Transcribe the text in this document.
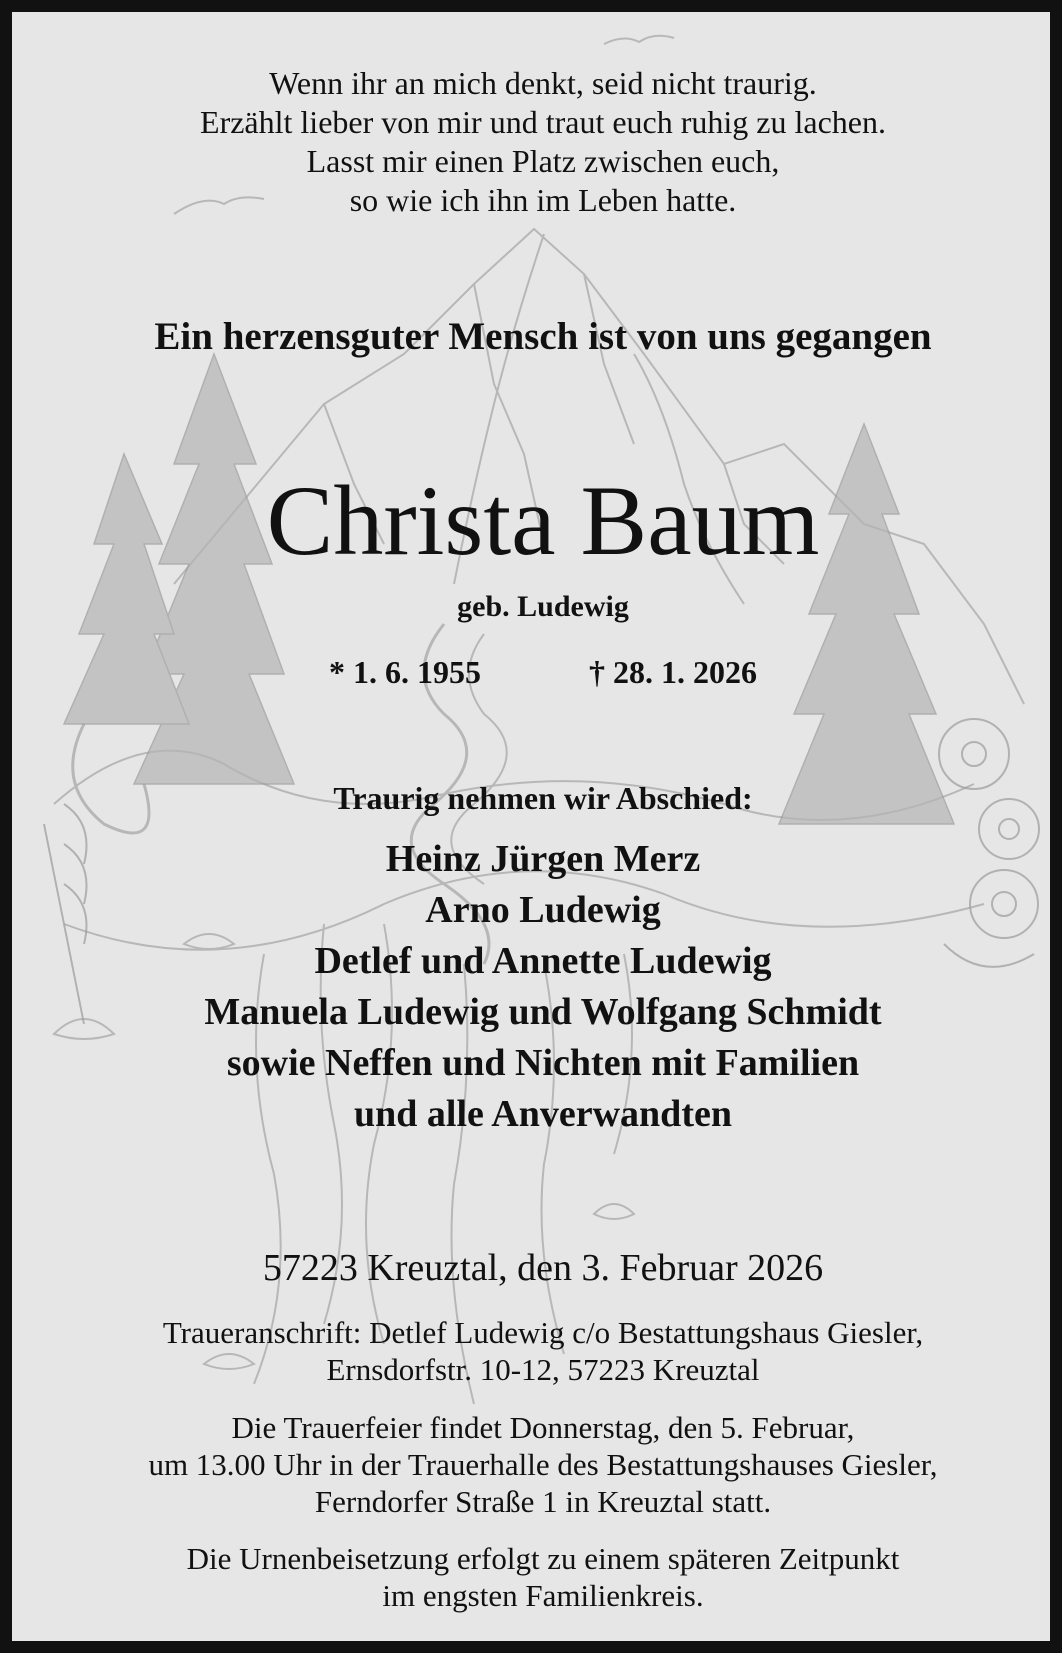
Wenn ihr an mich denkt, seid nicht traurig.
Erzählt lieber von mir und traut euch ruhig zu lachen.
Lasst mir einen Platz zwischen euch,
so wie ich ihn im Leben hatte.
Ein herzensguter Mensch ist von uns gegangen
Christa Baum
geb. Ludewig
* 1. 6. 1955	† 28. 1. 2026
Traurig nehmen wir Abschied:
Heinz Jürgen Merz
Arno Ludewig
Detlef und Annette Ludewig
Manuela Ludewig und Wolfgang Schmidt
sowie Neffen und Nichten mit Familien
und alle Anverwandten
57223 Kreuztal, den 3. Februar 2026
Traueranschrift: Detlef Ludewig c/o Bestattungshaus Giesler,
Ernsdorfstr. 10-12, 57223 Kreuztal
Die Trauerfeier findet Donnerstag, den 5. Februar,
um 13.00 Uhr in der Trauerhalle des Bestattungshauses Giesler,
Ferndorfer Straße 1 in Kreuztal statt.
Die Urnenbeisetzung erfolgt zu einem späteren Zeitpunkt
im engsten Familienkreis.
